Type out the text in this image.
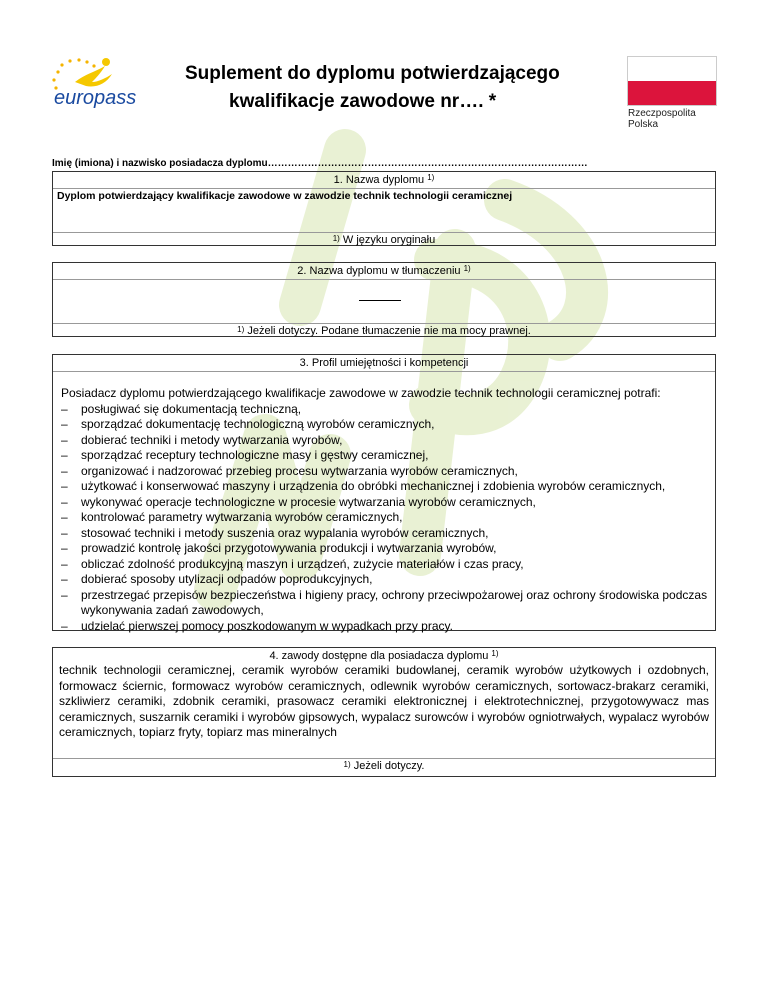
europass
Suplement do dyplomu potwierdzającego
kwalifikacje zawodowe nr…. *
Rzeczpospolita
Polska
Imię (imiona) i nazwisko posiadacza dyplomu……………………………………………………………………………………
1. Nazwa dyplomu $^{1)}$
Dyplom potwierdzający kwalifikacje zawodowe w zawodzie technik technologii ceramicznej
$^{1)}$ W języku oryginału
2. Nazwa dyplomu w tłumaczeniu $^{1)}$
$^{1)}$ Jeżeli dotyczy. Podane tłumaczenie nie ma mocy prawnej.
3. Profil umiejętności i kompetencji
Posiadacz dyplomu potwierdzającego kwalifikacje zawodowe w zawodzie technik technologii ceramicznej potrafi:
– posługiwać się dokumentacją techniczną,
– sporządzać dokumentację technologiczną wyrobów ceramicznych,
– dobierać techniki i metody wytwarzania wyrobów,
– sporządzać receptury technologiczne masy i gęstwy ceramicznej,
– organizować i nadzorować przebieg procesu wytwarzania wyrobów ceramicznych,
– użytkować i konserwować maszyny i urządzenia do obróbki mechanicznej i zdobienia wyrobów ceramicznych,
– wykonywać operacje technologiczne w procesie wytwarzania wyrobów ceramicznych,
– kontrolować parametry wytwarzania wyrobów ceramicznych,
– stosować techniki i metody suszenia oraz wypalania wyrobów ceramicznych,
– prowadzić kontrolę jakości przygotowywania produkcji i wytwarzania wyrobów,
– obliczać zdolność produkcyjną maszyn i urządzeń, zużycie materiałów i czas pracy,
– dobierać sposoby utylizacji odpadów poprodukcyjnych,
– przestrzegać przepisów bezpieczeństwa i higieny pracy, ochrony przeciwpożarowej oraz ochrony środowiska podczas wykonywania zadań zawodowych,
– udzielać pierwszej pomocy poszkodowanym w wypadkach przy pracy.
4. zawody dostępne dla posiadacza dyplomu $^{1)}$
technik technologii ceramicznej, ceramik wyrobów ceramiki budowlanej, ceramik wyrobów użytkowych i ozdobnych, formowacz ściernic, formowacz wyrobów ceramicznych, odlewnik wyrobów ceramicznych, sortowacz-brakarz ceramiki, szkliwierz ceramiki, zdobnik ceramiki, prasowacz ceramiki elektronicznej i elektrotechnicznej, przygotowywacz mas ceramicznych, suszarnik ceramiki i wyrobów gipsowych, wypalacz surowców i wyrobów ogniotrwałych, wypalacz wyrobów ceramicznych, topiarz fryty, topiarz mas mineralnych
$^{1)}$ Jeżeli dotyczy.
